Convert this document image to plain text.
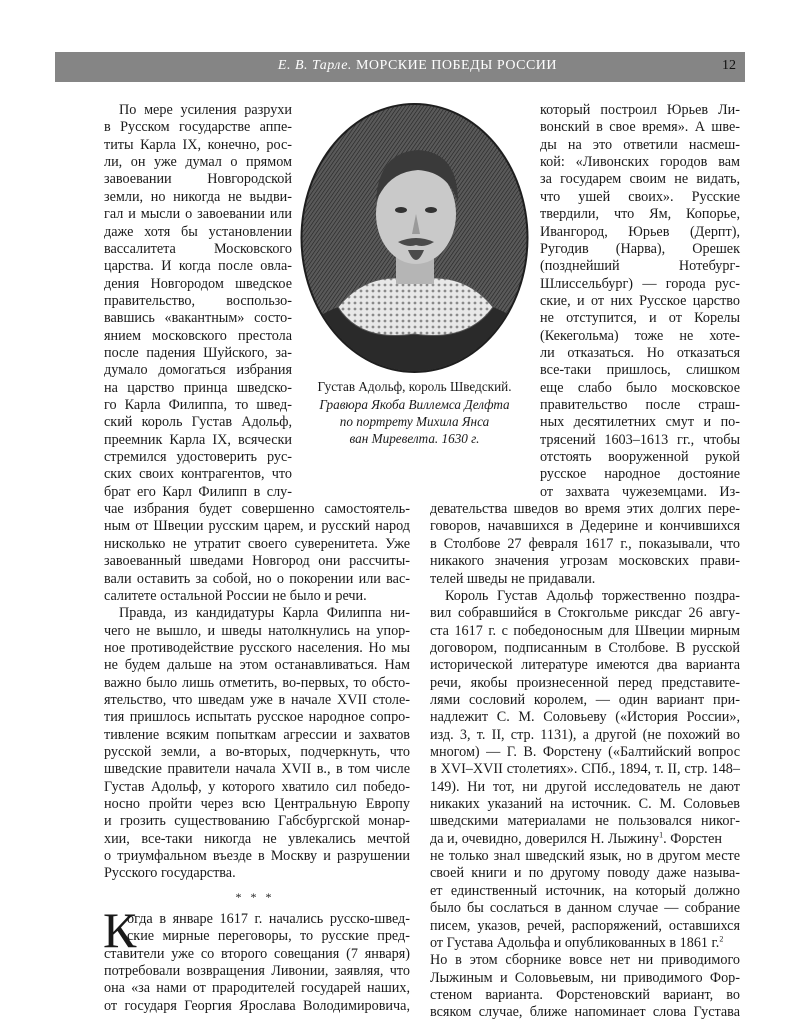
Е. В. Тарле. МОРСКИЕ ПОБЕДЫ РОССИИ	12
Густав Адольф, король Шведский.
Гравюра Якоба Виллемса Делфта
по портрету Михила Янса
ван Миревелта. 1630 г.
По мере усиления разрухи
в Русском государстве аппе-
титы Карла IX, конечно, рос-
ли, он уже думал о прямом
завоевании Новгородской
земли, но никогда не выдви-
гал и мысли о завоевании или
даже хотя бы установлении
вассалитета Московского
царства. И когда после овла-
дения Новгородом шведское
правительство, воспользо-
вавшись «вакантным» состо-
янием московского престола
после падения Шуйского, за-
думало домогаться избрания
на царство принца шведско-
го Карла Филиппа, то швед-
ский король Густав Адольф,
преемник Карла IX, всячески
стремился удостоверить рус-
ских своих контрагентов, что
брат его Карл Филипп в слу-
чае избрания будет совершенно самостоятель-
ным от Швеции русским царем, и русский народ
нисколько не утратит своего суверенитета. Уже
завоеванный шведами Новгород они рассчиты-
вали оставить за собой, но о покорении или вас-
салитете остальной России не было и речи.
Правда, из кандидатуры Карла Филиппа ни-
чего не вышло, и шведы натолкнулись на упор-
ное противодействие русского населения. Но мы
не будем дальше на этом останавливаться. Нам
важно было лишь отметить, во-первых, то обсто-
ятельство, что шведам уже в начале XVII столе-
тия пришлось испытать русское народное сопро-
тивление всяким попыткам агрессии и захватов
русской земли, а во-вторых, подчеркнуть, что
шведские правители начала XVII в., в том числе
Густав Адольф, у которого хватило сил победо-
носно пройти через всю Центральную Европу
и грозить существованию Габсбургской монар-
хии, все-таки никогда не увлекались мечтой
о триумфальном въезде в Москву и разрушении
Русского государства.
который построил Юрьев Ли-
вонский в свое время». А шве-
ды на это ответили насмеш-
кой: «Ливонских городов вам
за государем своим не видать,
что ушей своих». Русские
твердили, что Ям, Копорье,
Ивангород, Юрьев (Дерпт),
Ругодив (Нарва), Орешек
(позднейший Нотебург-
Шлиссельбург) — города рус-
ские, и от них Русское царство
не отступится, и от Корелы
(Кекегольма) тоже не хоте-
ли отказаться. Но отказаться
все-таки пришлось, слишком
еще слабо было московское
правительство после страш-
ных десятилетних смут и по-
трясений 1603–1613 гг., чтобы
отстоять вооруженной рукой
русское народное достояние
от захвата чужеземцами. Из-
девательства шведов во время этих долгих пере-
говоров, начавшихся в Дедерине и кончившихся
в Столбове 27 февраля 1617 г., показывали, что
никакого значения угрозам московских прави-
телей шведы не придавали.
Король Густав Адольф торжественно поздра-
вил собравшийся в Стокгольме риксдаг 26 авгу-
ста 1617 г. с победоносным для Швеции мирным
договором, подписанным в Столбове. В русской
исторической литературе имеются два варианта
речи, якобы произнесенной перед представите-
лями сословий королем, — один вариант при-
надлежит С. М. Соловьеву («История России»,
изд. 3, т. II, стр. 1131), а другой (не похожий во
многом) — Г. В. Форстену («Балтийский вопрос
в XVI–XVII столетиях». СПб., 1894, т. II, стр. 148–
149). Ни тот, ни другой исследователь не дают
никаких указаний на источник. С. М. Соловьев
шведскими материалами не пользовался никог-
да и, очевидно, доверился Н. Лыжину$^1$. Форстен
не только знал шведский язык, но в другом месте
своей книги и по другому поводу даже называ-
ет единственный источник, на который должно
было бы сослаться в данном случае — собрание
писем, указов, речей, распоряжений, оставшихся
от Густава Адольфа и опубликованных в 1861 г.$^2$
Но в этом сборнике вовсе нет ни приводимого
Лыжиным и Соловьевым, ни приводимого Фор-
стеном варианта. Форстеновский вариант, во
всяком случае, ближе напоминает слова Густава
* * *
К
огда в январе 1617 г. начались русско-швед-
ские мирные переговоры, то русские пред-
ставители уже со второго совещания (7 января)
потребовали возвращения Ливонии, заявляя, что
она «за нами от прародителей государей наших,
от государя Георгия Ярослава Володимировича,
